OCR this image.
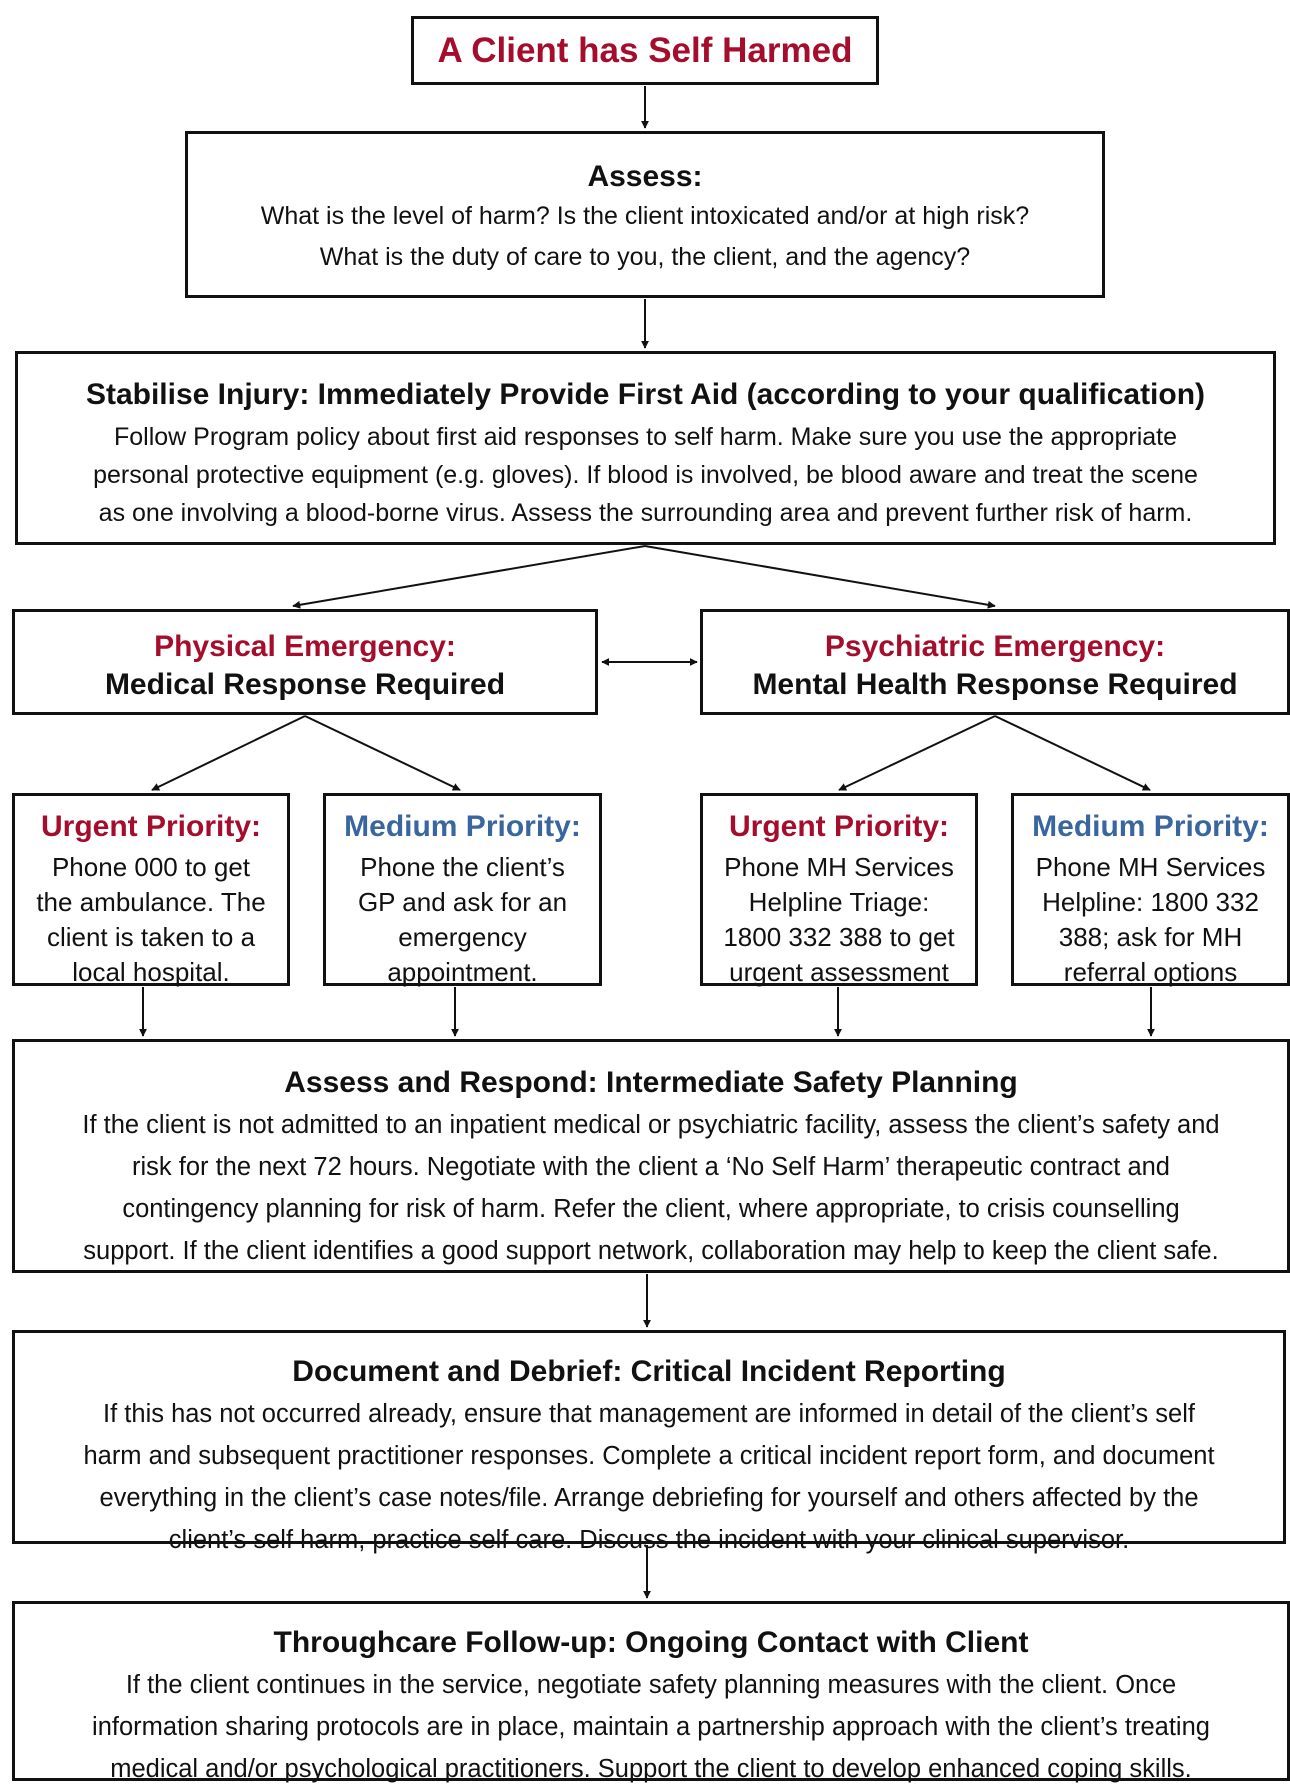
A Client has Self Harmed
Assess:
What is the level of harm? Is the client intoxicated and/or at high risk?
What is the duty of care to you, the client, and the agency?
Stabilise Injury: Immediately Provide First Aid (according to your qualification)
Follow Program policy about first aid responses to self harm. Make sure you use the appropriate
personal protective equipment (e.g. gloves). If blood is involved, be blood aware and treat the scene
as one involving a blood-borne virus. Assess the surrounding area and prevent further risk of harm.
Physical Emergency:
Medical Response Required
Psychiatric Emergency:
Mental Health Response Required
Urgent Priority:
Phone 000 to get
the ambulance. The
client is taken to a
local hospital.
Medium Priority:
Phone the client’s
GP and ask for an
emergency
appointment.
Urgent Priority:
Phone MH Services
Helpline Triage:
1800 332 388 to get
urgent assessment
Medium Priority:
Phone MH Services
Helpline: 1800 332
388; ask for MH
referral options
Assess and Respond: Intermediate Safety Planning
If the client is not admitted to an inpatient medical or psychiatric facility, assess the client’s safety and
risk for the next 72 hours. Negotiate with the client a ‘No Self Harm’ therapeutic contract and
contingency planning for risk of harm. Refer the client, where appropriate, to crisis counselling
support. If the client identifies a good support network, collaboration may help to keep the client safe.
Document and Debrief: Critical Incident Reporting
If this has not occurred already, ensure that management are informed in detail of the client’s self
harm and subsequent practitioner responses. Complete a critical incident report form, and document
everything in the client’s case notes/file. Arrange debriefing for yourself and others affected by the
client’s self harm, practice self care. Discuss the incident with your clinical supervisor.
Throughcare Follow-up: Ongoing Contact with Client
If the client continues in the service, negotiate safety planning measures with the client. Once
information sharing protocols are in place, maintain a partnership approach with the client’s treating
medical and/or psychological practitioners. Support the client to develop enhanced coping skills.
